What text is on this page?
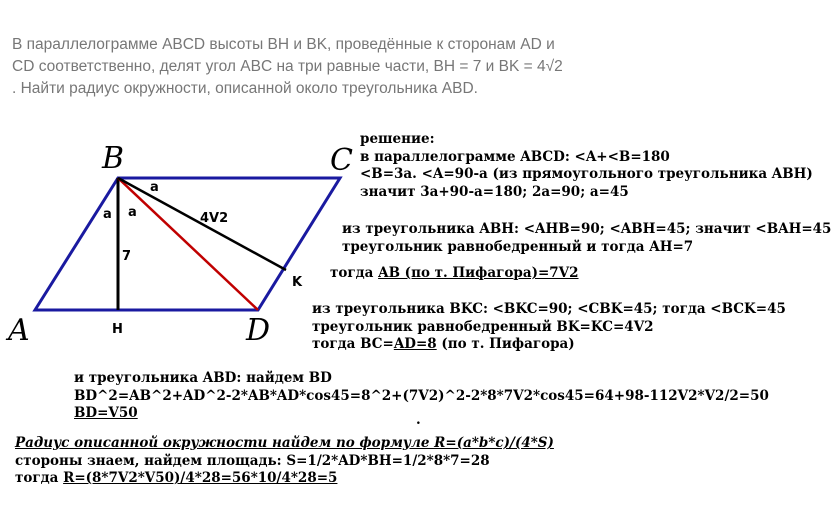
В параллелограмме ABCD высоты BH и BK, проведённые к сторонам AD и

CD соответственно, делят угол ABC на три равные части, BH = 7 и BK = 4√2

. Найти радиус окружности, описанной около треугольника ABD.

B	C
A	D
H
K
a
a a
7
4V2
решение:
в параллелограмме ABCD: <A+<B=180
<B=3a. <A=90-a (из прямоугольного треугольника ABH)
значит 3a+90-a=180; 2a=90; a=45
из треугольника ABH: <AHB=90; <ABH=45; значит <BAH=45
треугольник равнобедренный и тогда AH=7
тогда AB (по т. Пифагора)=7V2
из треугольника BKC: <BKC=90; <CBK=45; тогда <BCK=45
треугольник равнобедренный BK=KC=4V2
тогда BC=AD=8 (по т. Пифагора)
и треугольника ABD: найдем BD
BD^2=AB^2+AD^2-2*AB*AD*cos45=8^2+(7V2)^2-2*8*7V2*cos45=64+98-112V2*V2/2=50
BD=V50	.
Радиус описанной окружности найдем по формуле R=(a*b*c)/(4*S)
стороны знаем, найдем площадь: S=1/2*AD*BH=1/2*8*7=28
тогда R=(8*7V2*V50)/4*28=56*10/4*28=5
